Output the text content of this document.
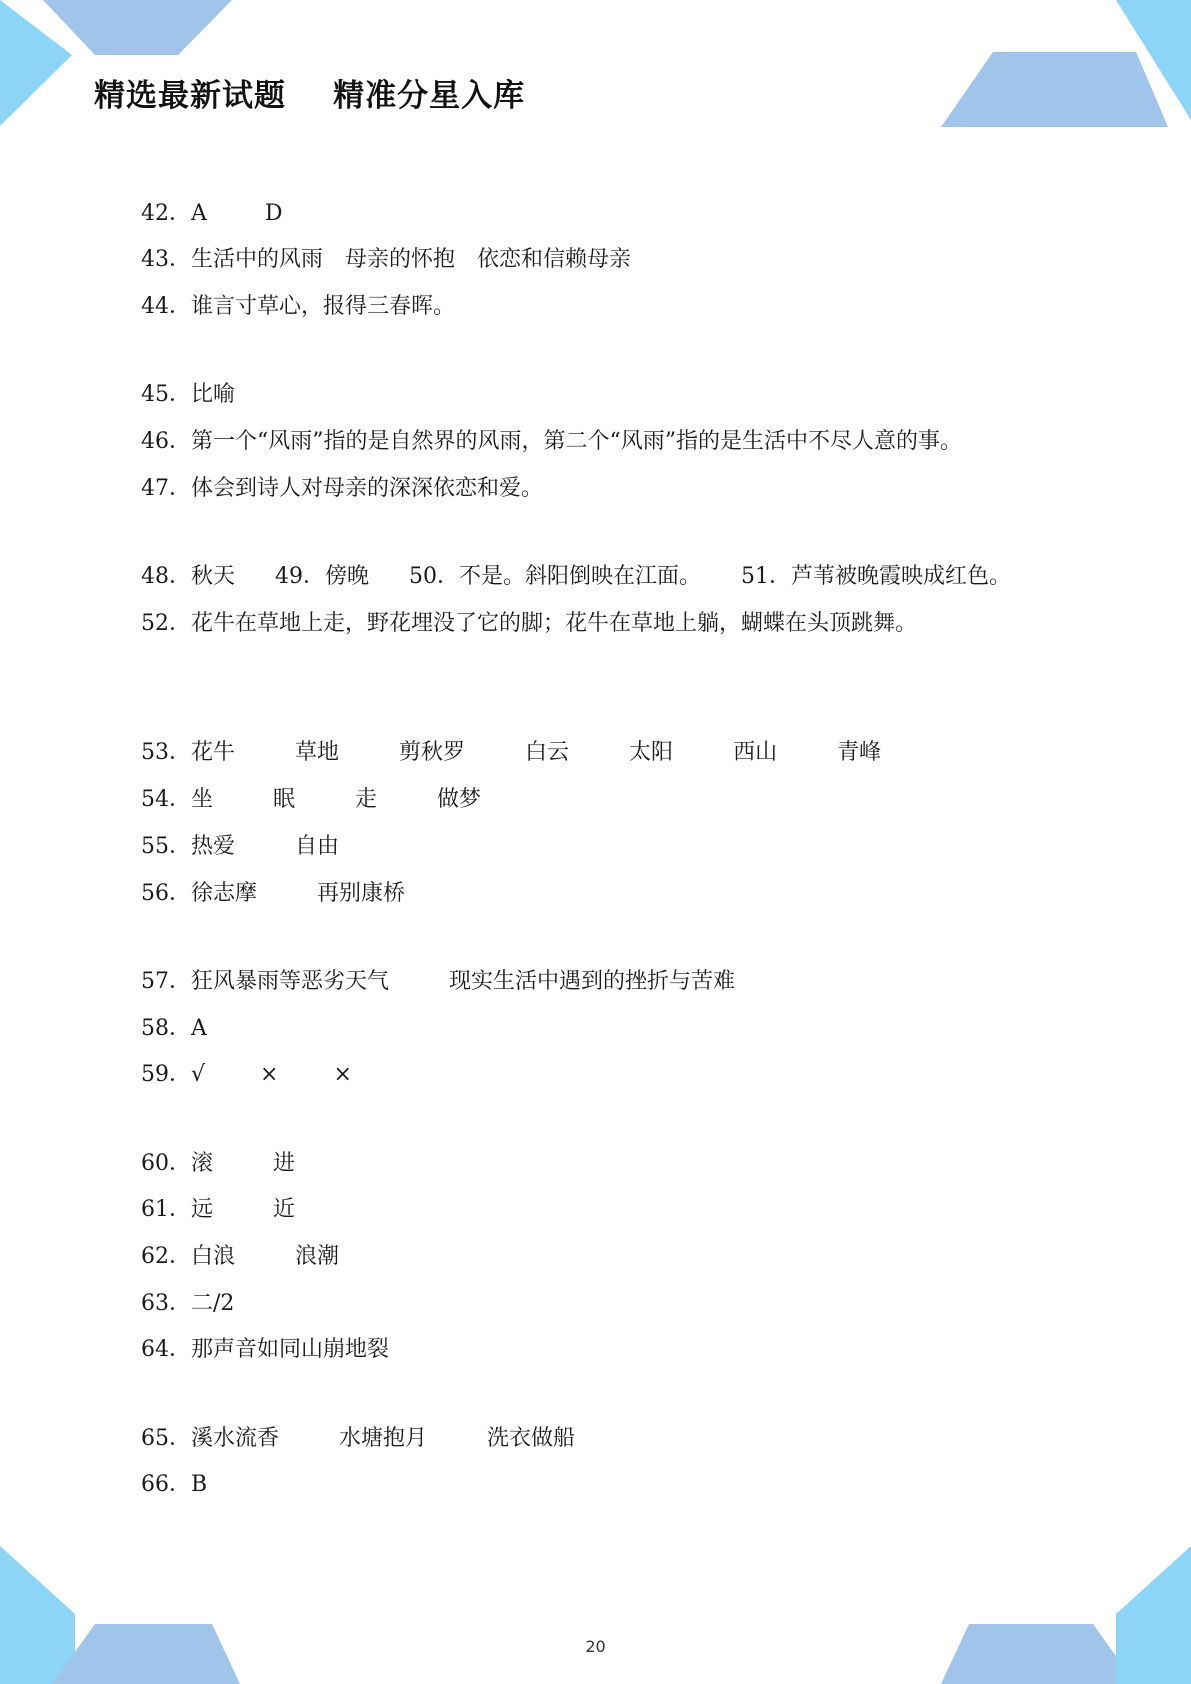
精选最新试题    精准分星入库

42．A	D

43．生活中的风雨 母亲的怀抱 依恋和信赖母亲

44．谁言寸草心，报得三春晖。

45．比喻

46．第一个“风雨”指的是自然界的风雨，第二个“风雨”指的是生活中不尽人意的事。

47．体会到诗人对母亲的深深依恋和爱。

48．秋天 49．傍晚 50．不是。斜阳倒映在江面。 51．芦苇被晚霞映成红色。

52．花牛在草地上走，野花埋没了它的脚；花牛在草地上躺，蝴蝶在头顶跳舞。

53．花牛	草地	剪秋罗	白云	太阳	西山	青峰

54．坐	眠	走	做梦

55．热爱	自由

56．徐志摩	再别康桥

57．狂风暴雨等恶劣天气	现实生活中遇到的挫折与苦难

58．A

59．√	×	×

60．滚	进

61．远	近

62．白浪	浪潮

63．二/2

64．那声音如同山崩地裂

65．溪水流香	水塘抱月	洗衣做船

66．B

20
